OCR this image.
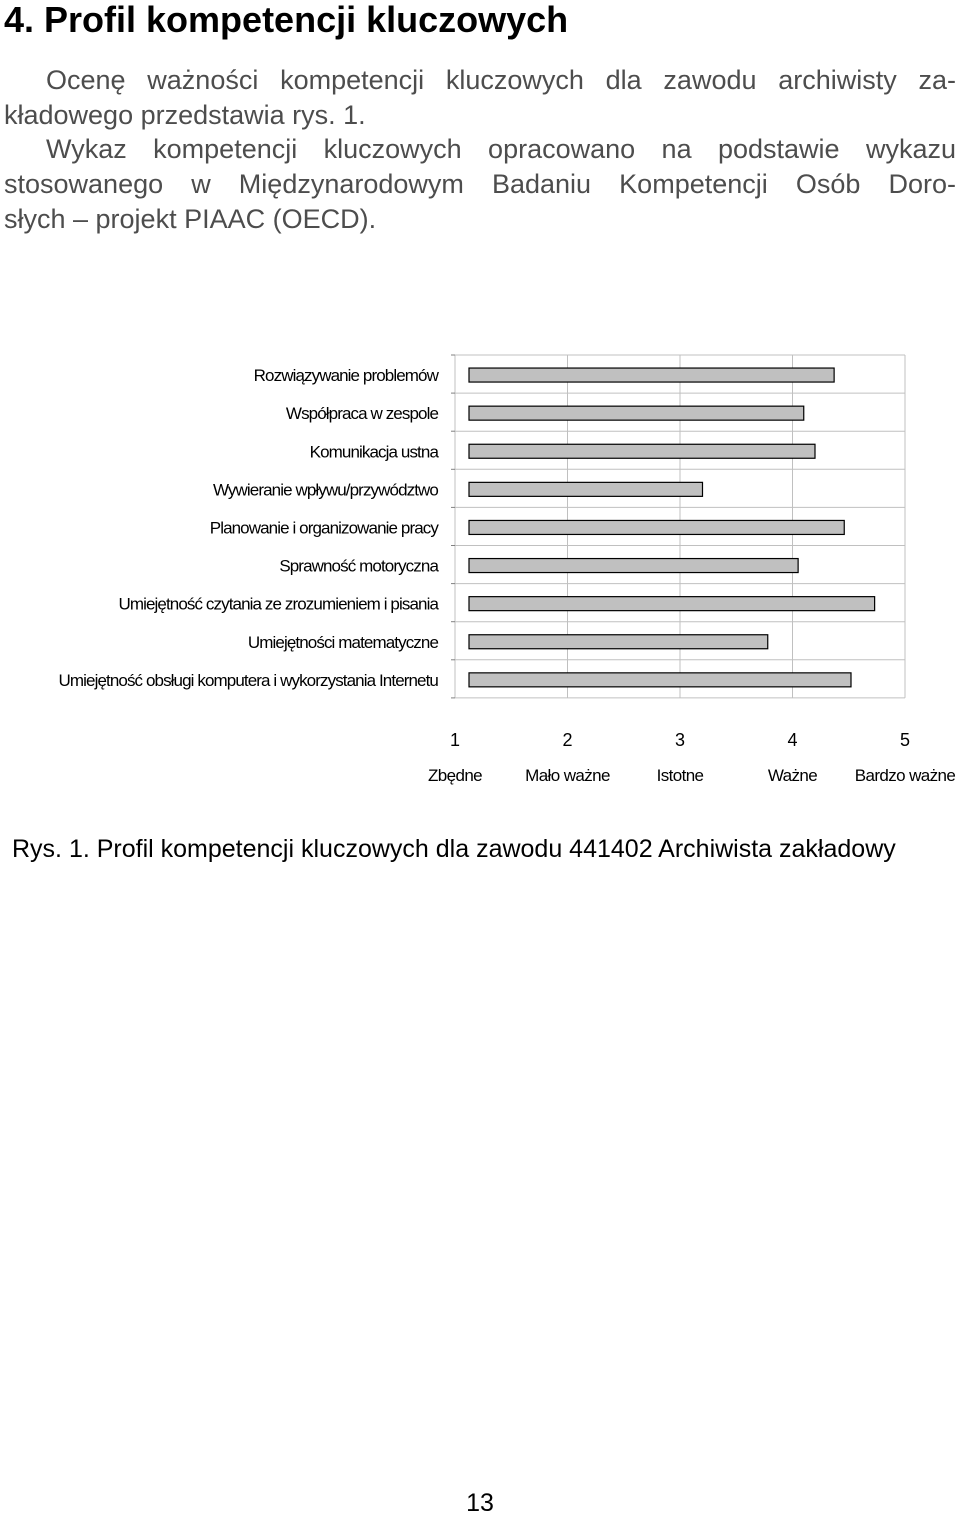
4. Profil kompetencji kluczowych
Ocenę ważności kompetencji kluczowych dla zawodu archiwisty za-
kładowego przedstawia rys. 1.
Wykaz kompetencji kluczowych opracowano na podstawie wykazu
stosowanego w Międzynarodowym Badaniu Kompetencji Osób Doro-
słych – projekt PIAAC (OECD).
Rozwiązywanie problemów
Współpraca w zespole
Komunikacja ustna
Wywieranie wpływu/przywództwo
Planowanie i organizowanie pracy
Sprawność motoryczna
Umiejętność czytania ze zrozumieniem i pisania
Umiejętności matematyczne
Umiejętność obsługi komputera i wykorzystania Internetu
1
Zbędne
2
Mało ważne
3
Istotne
4
Ważne
5
Bardzo ważne

Rys. 1. Profil kompetencji kluczowych dla zawodu 441402 Archiwista zakładowy

13
